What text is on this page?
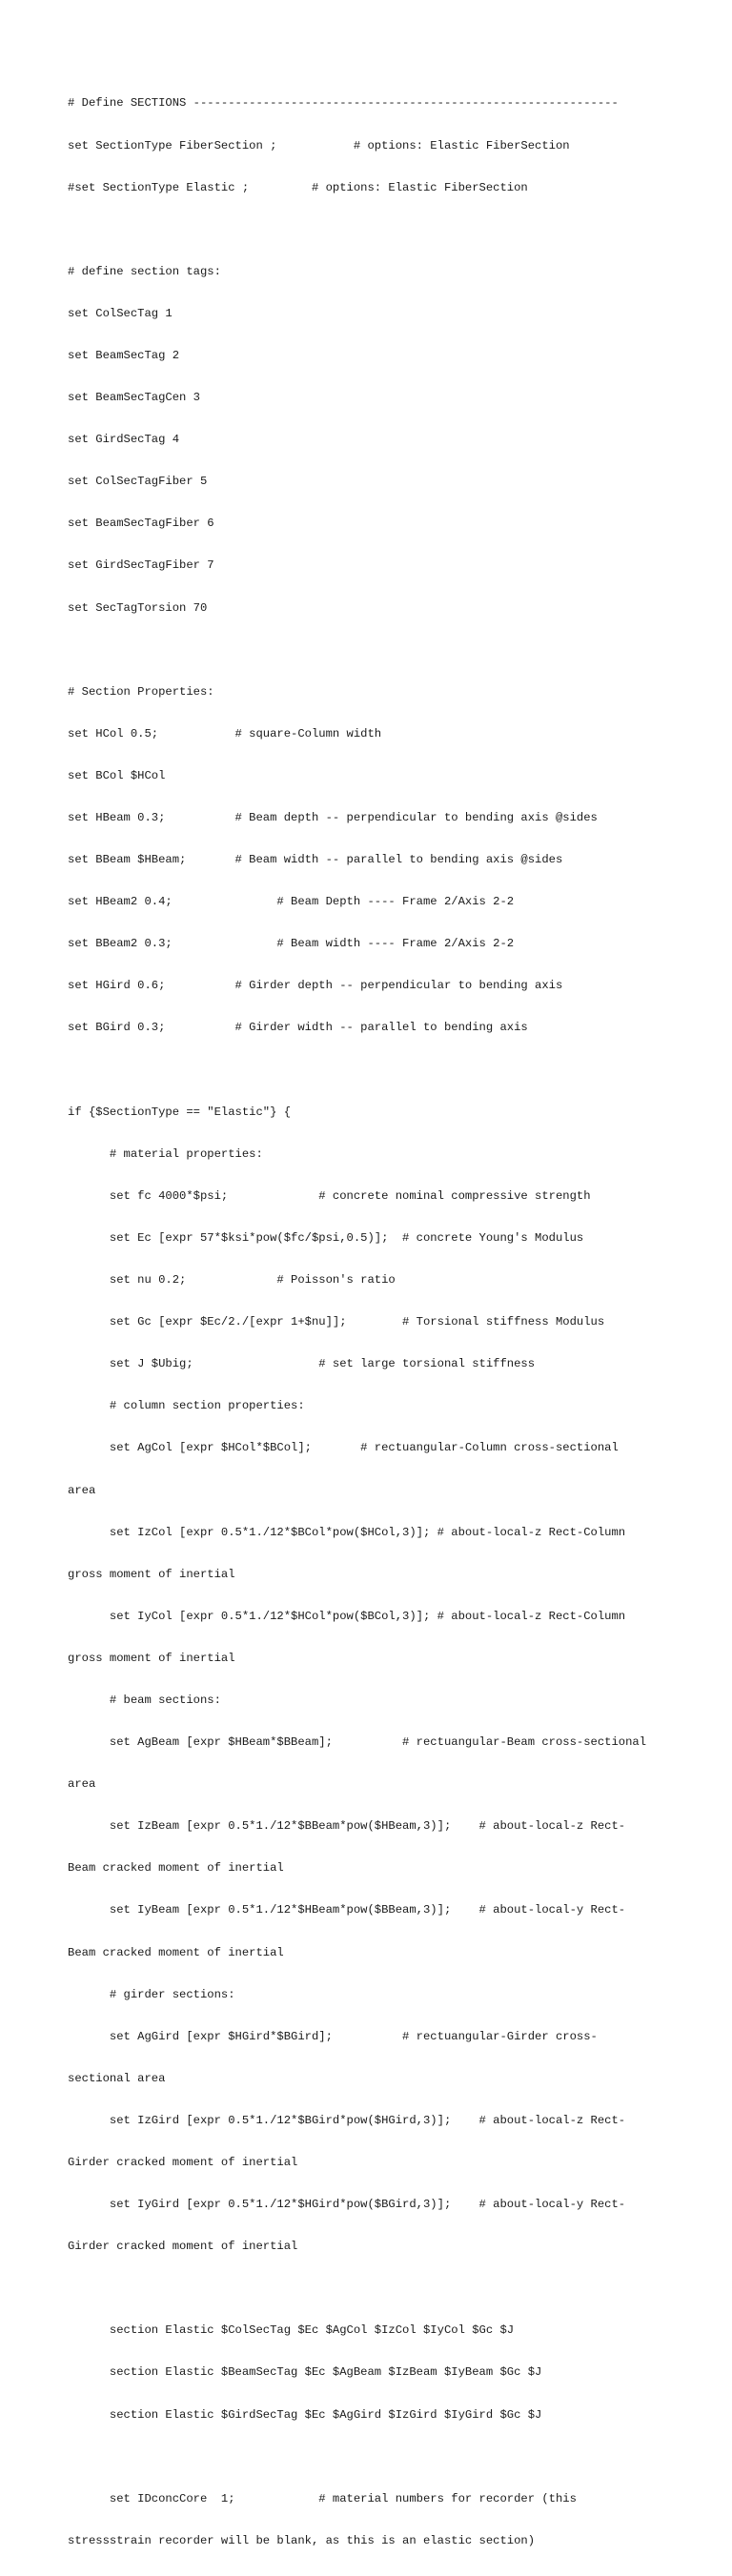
# Define SECTIONS -------------------------------------------------------------

set SectionType FiberSection ;           # options: Elastic FiberSection

#set SectionType Elastic ;         # options: Elastic FiberSection

# define section tags:

set ColSecTag 1

set BeamSecTag 2

set BeamSecTagCen 3

set GirdSecTag 4

set ColSecTagFiber 5

set BeamSecTagFiber 6

set GirdSecTagFiber 7

set SecTagTorsion 70

# Section Properties:

set HCol 0.5;           # square-Column width

set BCol $HCol

set HBeam 0.3;          # Beam depth -- perpendicular to bending axis @sides

set BBeam $HBeam;       # Beam width -- parallel to bending axis @sides

set HBeam2 0.4;               # Beam Depth ---- Frame 2/Axis 2-2

set BBeam2 0.3;               # Beam width ---- Frame 2/Axis 2-2

set HGird 0.6;          # Girder depth -- perpendicular to bending axis

set BGird 0.3;          # Girder width -- parallel to bending axis

if {$SectionType == "Elastic"} {

# material properties:

set fc 4000*$psi;             # concrete nominal compressive strength

set Ec [expr 57*$ksi*pow($fc/$psi,0.5)];  # concrete Young's Modulus

set nu 0.2;             # Poisson's ratio

set Gc [expr $Ec/2./[expr 1+$nu]];        # Torsional stiffness Modulus

set J $Ubig;                  # set large torsional stiffness

# column section properties:

set AgCol [expr $HCol*$BCol];       # rectuangular-Column cross-sectional

area

set IzCol [expr 0.5*1./12*$BCol*pow($HCol,3)]; # about-local-z Rect-Column

gross moment of inertial

set IyCol [expr 0.5*1./12*$HCol*pow($BCol,3)]; # about-local-z Rect-Column

gross moment of inertial

# beam sections:

set AgBeam [expr $HBeam*$BBeam];          # rectuangular-Beam cross-sectional

area

set IzBeam [expr 0.5*1./12*$BBeam*pow($HBeam,3)];    # about-local-z Rect-

Beam cracked moment of inertial

set IyBeam [expr 0.5*1./12*$HBeam*pow($BBeam,3)];    # about-local-y Rect-

Beam cracked moment of inertial

# girder sections:

set AgGird [expr $HGird*$BGird];          # rectuangular-Girder cross-

sectional area

set IzGird [expr 0.5*1./12*$BGird*pow($HGird,3)];    # about-local-z Rect-

Girder cracked moment of inertial

set IyGird [expr 0.5*1./12*$HGird*pow($BGird,3)];    # about-local-y Rect-

Girder cracked moment of inertial

section Elastic $ColSecTag $Ec $AgCol $IzCol $IyCol $Gc $J

section Elastic $BeamSecTag $Ec $AgBeam $IzBeam $IyBeam $Gc $J

section Elastic $GirdSecTag $Ec $AgGird $IzGird $IyGird $Gc $J

set IDconcCore  1;            # material numbers for recorder (this

stressstrain recorder will be blank, as this is an elastic section)
